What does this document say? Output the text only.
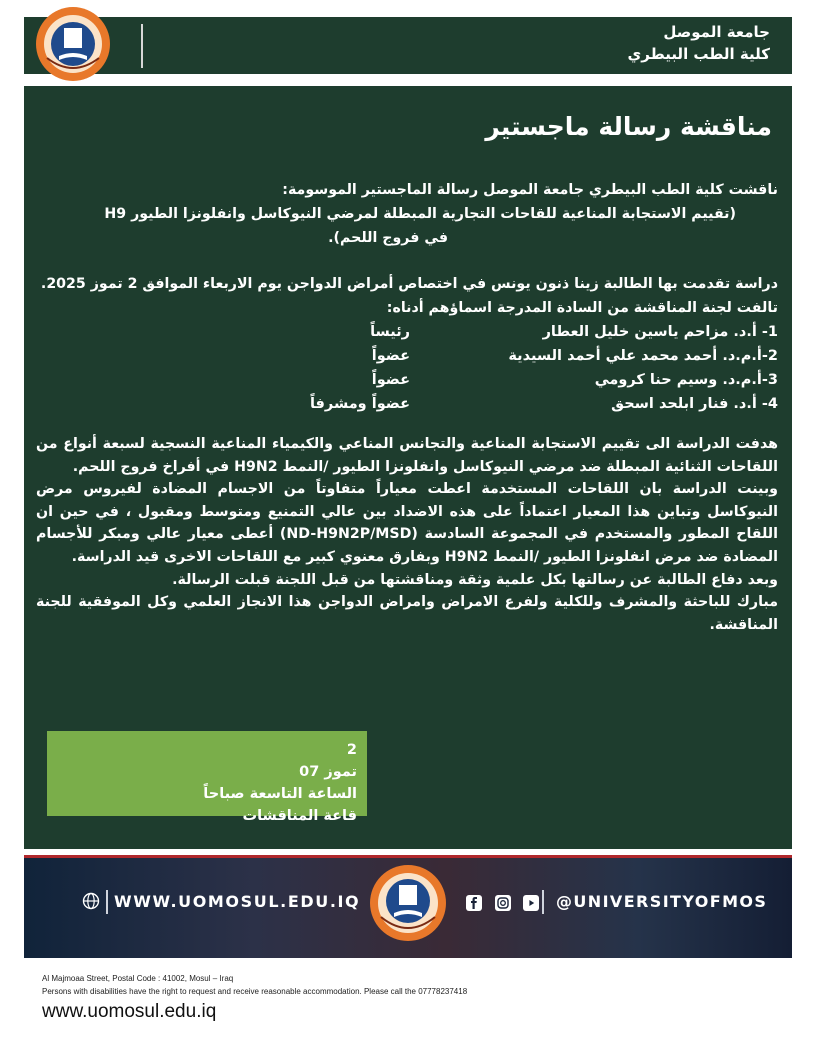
جامعة الموصل
كلية الطب البيطري
مناقشة رسالة ماجستير

ناقشت كلية الطب البيطري جامعة الموصل رسالة الماجستير الموسومة:

(تقييم الاستجابة المناعية للقاحات التجارية المبطلة لمرضي النيوكاسل وانفلونزا الطيور H9

في فروج اللحم).

دراسة تقدمت بها الطالبة زينا ذنون يونس في اختصاص أمراض الدواجن يوم الاربعاء الموافق 2 تموز 2025.

تالفت لجنة المناقشة من السادة المدرجة اسماؤهم أدناه:

1- أ.د. مزاحم ياسين خليل العطار
رئيساً
2-أ.م.د. أحمد محمد علي أحمد السيدية
عضواً
3-أ.م.د. وسيم حنا كرومي
عضواً
4- أ.د. فنار ابلحد اسحق
عضواً ومشرفاً

هدفت الدراسة الى تقييم الاستجابة المناعية والتجانس المناعي والكيمياء المناعية النسجية لسبعة أنواع من اللقاحات الثنائية المبطلة ضد مرضي النيوكاسل وانفلونزا الطيور /النمط H9N2 في أفراخ فروج اللحم.

وبينت الدراسة بان اللقاحات المستخدمة اعطت معياراً متفاوتاً من الاجسام المضادة لفيروس مرض النيوكاسل وتباين هذا المعيار اعتماداً على هذه الاضداد بين عالي التمنيع ومتوسط ومقبول ، في حين ان اللقاح المطور والمستخدم في المجموعة السادسة (ND-H9N2P/MSD) أعطى معيار عالي ومبكر للأجسام المضادة ضد مرض انفلونزا الطيور /النمط H9N2 وبفارق معنوي كبير مع اللقاحات الاخرى قيد الدراسة.

وبعد دفاع الطالبة عن رسالتها بكل علمية وثقة ومناقشتها من قبل اللجنة قبلت الرسالة.

مبارك للباحثة والمشرف وللكلية ولفرع الامراض وامراض الدواجن هذا الانجاز العلمي وكل الموفقية للجنة المناقشة.

2
تموز 07
الساعة التاسعة صباحاً
قاعة المناقشات
WWW.UOMOSUL.EDU.IQ	@UNIVERSITYOFMOS
Al Majmoaa Street, Postal Code : 41002, Mosul – Iraq
Persons with disabilities have the right to request and receive reasonable accommodation. Please call the 07778237418
www.uomosul.edu.iq
